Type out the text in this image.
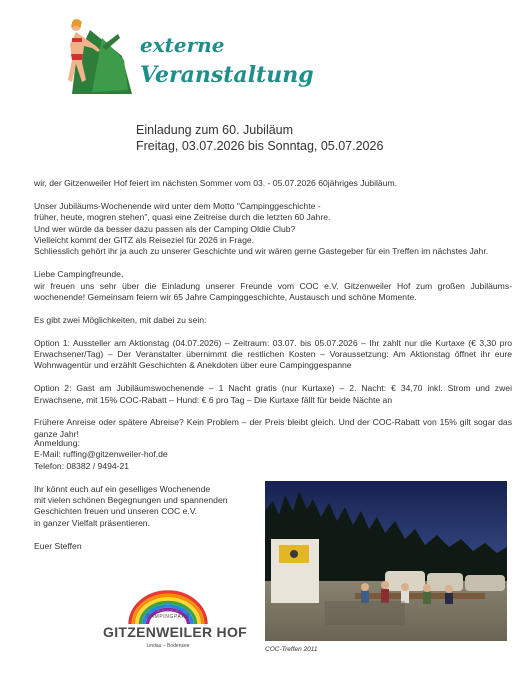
externe
Veranstaltung
Einladung zum 60. Jubiläum
Freitag, 03.07.2026 bis Sonntag, 05.07.2026

wir, der Gitzenweiler Hof feiert im nächsten Sommer vom 03. - 05.07.2026 60jähriges Jubiläum.

Unser Jubiläums-Wochenende wird unter dem Motto "Campinggeschichte -
früher, heute, mogren stehen", quasi eine Zeitreise durch die letzten 60 Jahre.
Und wer würde da besser dazu passen als der Camping Oldie Club?
Vielleicht kommt der GITZ als Reiseziel für 2026 in Frage.
Schliesslich gehört ihr ja auch zu unserer Geschichte und wir wären gerne Gastegeber für ein Treffen im nächstes Jahr.

Liebe Campingfreunde,
wir freuen uns sehr über die Einladung unserer Freunde vom COC e.V. Gitzenweiler Hof zum großen Jubiläums-wochenende! Gemeinsam feiern wir 65 Jahre Campinggeschichte, Austausch und schöne Momente.

Es gibt zwei Möglichkeiten, mit dabei zu sein:

Option 1: Aussteller am Aktionstag (04.07.2026) – Zeitraum: 03.07. bis 05.07.2026 – Ihr zahlt nur die Kurtaxe (€ 3,30 pro Erwachsener/Tag) – Der Veranstalter übernimmt die restlichen Kosten – Voraussetzung: Am Aktionstag öffnet ihr eure Wohnwagentür und erzählt Geschichten & Anekdoten über eure Campinggespanne

Option 2: Gast am Jubiläumswochenende – 1 Nacht gratis (nur Kurtaxe) – 2. Nacht: € 34,70 inkl. Strom und zwei Erwachsene, mit 15% COC-Rabatt – Hund: € 6 pro Tag – Die Kurtaxe fällt für beide Nächte an

Frühere Anreise oder spätere Abreise? Kein Problem – der Preis bleibt gleich. Und der COC-Rabatt von 15% gilt sogar das ganze Jahr!

Anmeldung:
E-Mail: ruffing@gitzenweiler-hof.de
Telefon: 08382 / 9494-21

Ihr könnt euch auf ein geselliges Wochenende
mit vielen schönen Begegnungen und spannenden
Geschichten freuen und unseren COC e.V.
in ganzer Vielfalt präsentieren.

Euer Steffen

★★★★★
CAMPINGPARK
GITZENWEILER HOF
Lindau – Bodensee	COC-Treffen 2011
